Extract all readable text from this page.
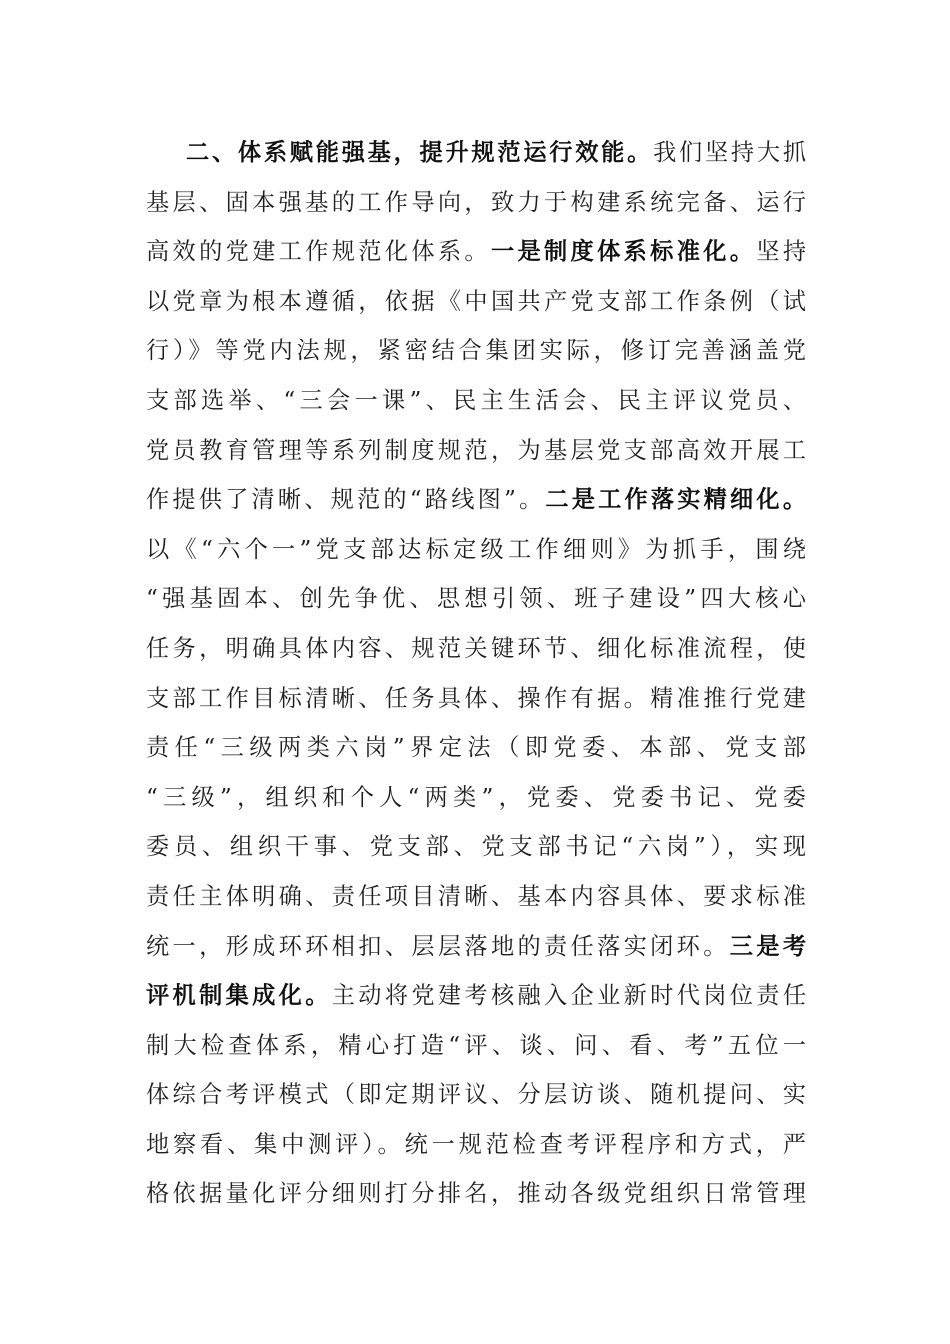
二、体系赋能强基，提升规范运行效能。我们坚持大抓
基层、固本强基的工作导向，致力于构建系统完备、运行
高效的党建工作规范化体系。一是制度体系标准化。坚持
以党章为根本遵循，依据《中国共产党支部工作条例（试
行）》等党内法规，紧密结合集团实际，修订完善涵盖党
支部选举、“三会一课”、民主生活会、民主评议党员、
党员教育管理等系列制度规范，为基层党支部高效开展工
作提供了清晰、规范的“路线图”。二是工作落实精细化。
以《“六个一”党支部达标定级工作细则》为抓手，围绕
“强基固本、创先争优、思想引领、班子建设”四大核心
任务，明确具体内容、规范关键环节、细化标准流程，使
支部工作目标清晰、任务具体、操作有据。精准推行党建
责任“三级两类六岗”界定法（即党委、本部、党支部
“三级”，组织和个人“两类”，党委、党委书记、党委
委员、组织干事、党支部、党支部书记“六岗”），实现
责任主体明确、责任项目清晰、基本内容具体、要求标准
统一，形成环环相扣、层层落地的责任落实闭环。三是考
评机制集成化。主动将党建考核融入企业新时代岗位责任
制大检查体系，精心打造“评、谈、问、看、考”五位一
体综合考评模式（即定期评议、分层访谈、随机提问、实
地察看、集中测评）。统一规范检查考评程序和方式，严
格依据量化评分细则打分排名，推动各级党组织日常管理
